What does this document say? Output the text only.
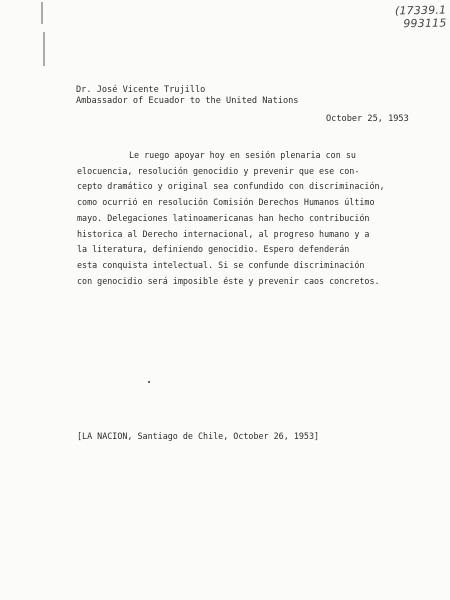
(17339.1
993115
Dr. José Vicente Trujillo
Ambassador of Ecuador to the United Nations
October 25, 1953
Le ruego apoyar hoy en sesión plenaria con su
elocuencia, resolución genocidio y prevenir que ese con-
cepto dramático y original sea confundido con discriminación,
como ocurrió en resolución Comisión Derechos Humanos último
mayo. Delegaciones latinoamericanas han hecho contribución
historica al Derecho internacional, al progreso humano y a
la literatura, definiendo genocidio. Espero defenderán
esta conquista intelectual. Si se confunde discriminación
con genocidio será imposible éste y prevenir caos concretos.
[LA NACION, Santiago de Chile, October 26, 1953]
